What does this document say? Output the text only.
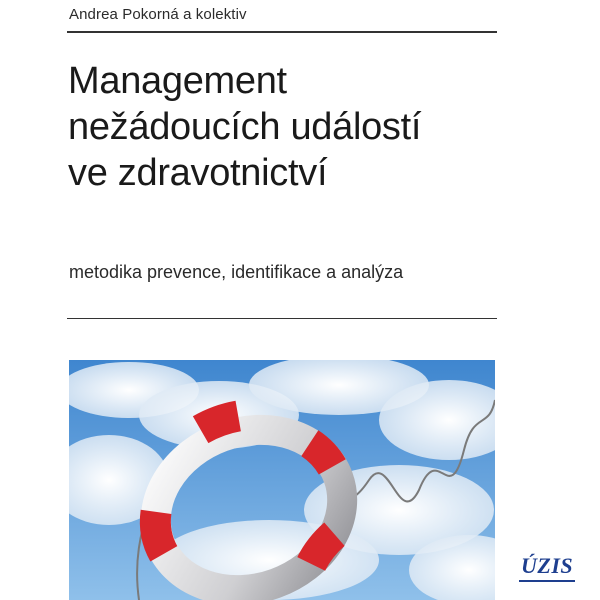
Andrea Pokorná a kolektiv
Management
nežádoucích událostí
ve zdravotnictví
metodika prevence, identifikace a analýza
ÚZIS
